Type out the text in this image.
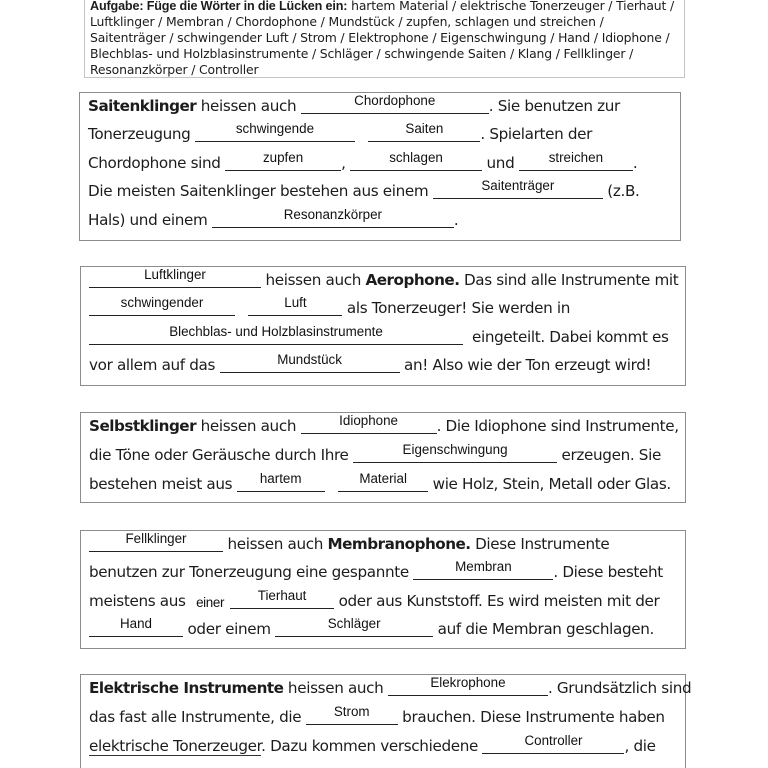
Aufgabe: Füge die Wörter in die Lücken ein: hartem Material / elektrische Tonerzeuger / Tierhaut / Luftklinger / Membran / Chordophone / Mundstück / zupfen, schlagen und streichen / Saitenträger / schwingender Luft / Strom / Elektrophone / Eigenschwingung / Hand / Idiophone / Blechblas- und Holzblasinstrumente / Schläger / schwingende Saiten / Klang / Fellklinger / Resonanzkörper / Controller
Saitenklinger heissen auch	Chordophone	. Sie benutzen zur
Tonerzeugung	schwingende
	Saiten	. Spielarten der
Chordophone sind	zupfen	,	schlagen	und	streichen	.
Die meisten Saitenklinger bestehen aus einem	Saitenträger	(z.B.
Hals) und einem	Resonanzkörper	.
Luftklinger	heissen auch Aerophone. Das sind alle Instrumente mit
schwingender
	Luft	als Tonerzeuger! Sie werden in
Blechblas- und Holzblasinstrumente	eingeteilt. Dabei kommt es
vor allem auf das	Mundstück	an! Also wie der Ton erzeugt wird!
Selbstklinger heissen auch	Idiophone	. Die Idiophone sind Instrumente,
die Töne oder Geräusche durch Ihre	Eigenschwingung	erzeugen. Sie
bestehen meist aus	hartem
	Material	wie Holz, Stein, Metall oder Glas.
Fellklinger	heissen auch Membranophone. Diese Instrumente
benutzen zur Tonerzeugung eine gespannte	Membran	. Diese besteht
meistens aus einer	Tierhaut	oder aus Kunststoff. Es wird meisten mit der
Hand	oder einem	Schläger	auf die Membran geschlagen.
Elektrische Instrumente heissen auch	Elekrophone	. Grundsätzlich sind
das fast alle Instrumente, die	Strom	brauchen. Diese Instrumente haben
elektrische Tonerzeuger. Dazu kommen verschiedene	Controller	, die
